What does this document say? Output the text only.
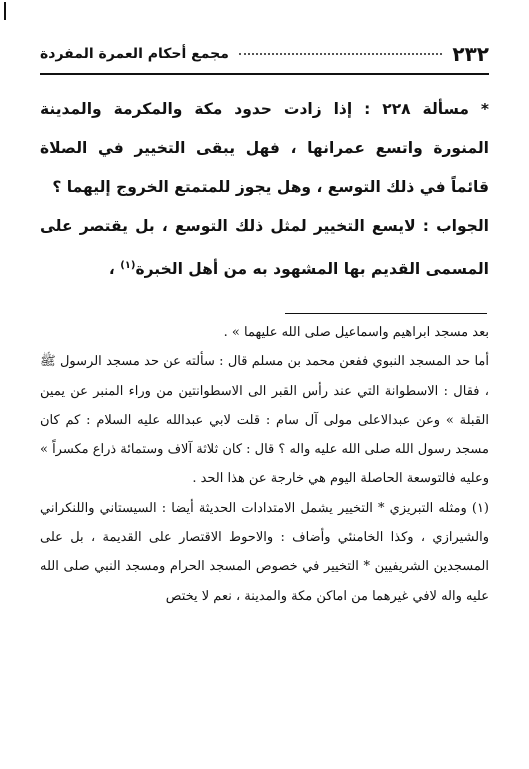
٢٣٢
مجمع أحكام العمرة المفردة

* مسألة ٢٢٨ : إذا زادت حدود مكة والمكرمة والمدينة المنورة واتسع عمرانها ، فهل يبقى التخيير في الصلاة قائماً في ذلك التوسع ، وهل يجوز للمتمتع الخروج إليهما ؟

الجواب : لايسع التخيير لمثل ذلك التوسع ، بل يقتصر على المسمى القديم بها المشهود به من أهل الخبرة$^{(١)}$ ،

بعد مسجد ابراهيم واسماعيل صلى الله عليهما » .

أما حد المسجد النبوي ففعن محمد بن مسلم قال : سألته عن حد مسجد الرسول ﷺ ، فقال : الاسطوانة التي عند رأس القبر الى الاسطوانتين من وراء المنبر عن يمين القبلة » وعن عبدالاعلى مولى آل سام : قلت لابي عبدالله عليه السلام : كم كان مسجد رسول الله صلى الله عليه واله ؟ قال : كان ثلاثة آلاف وستمائة ذراع مكسراً » وعليه فالتوسعة الحاصلة اليوم هي خارجة عن هذا الحد .

(١) ومثله التبريزي * التخيير يشمل الامتدادات الحديثة أيضا : السيستاني واللنكراني والشيرازي ، وكذا الخامنئي وأضاف : والاحوط الاقتصار على القديمة ، بل على المسجدين الشريفيين * التخيير في خصوص المسجد الحرام ومسجد النبي صلى الله عليه واله لافي غيرهما من اماكن مكة والمدينة ، نعم لا يختص
